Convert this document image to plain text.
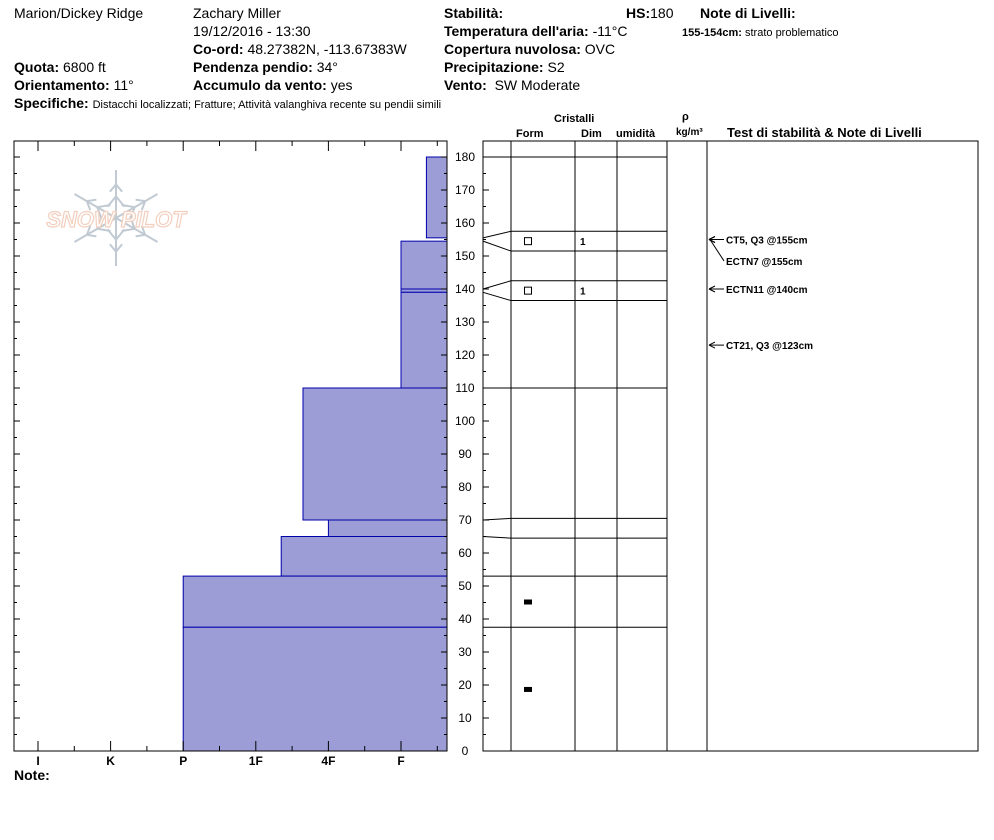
Marion/Dickey Ridge
Quota: 6800 ft
Orientamento: 11°
Specifiche: Distacchi localizzati; Fratture; Attività valanghiva recente su pendii simili
Zachary Miller
19/12/2016 - 13:30
Co-ord: 48.27382N, -113.67383W
Pendenza pendio: 34°
Accumulo da vento: yes
Stabilità:	HS:180
Temperatura dell'aria: -11°C
Copertura nuvolosa: OVC
Precipitazione: S2
Vento: SW Moderate
Note di Livelli:
155-154cm: strato problematico
Cristalli
Form	Dim umidità
ρ
kg/m³ Test di stabilità & Note di Livelli
Note:
SNOW PILOT
0
10
20
30
40
50
60
70
80
90
100
110
120
130
140
150
160
170
180
I	K	P	1F	4F	F
1
1
CT5, Q3 @155cm
ECTN7 @155cm
ECTN11 @140cm
CT21, Q3 @123cm
